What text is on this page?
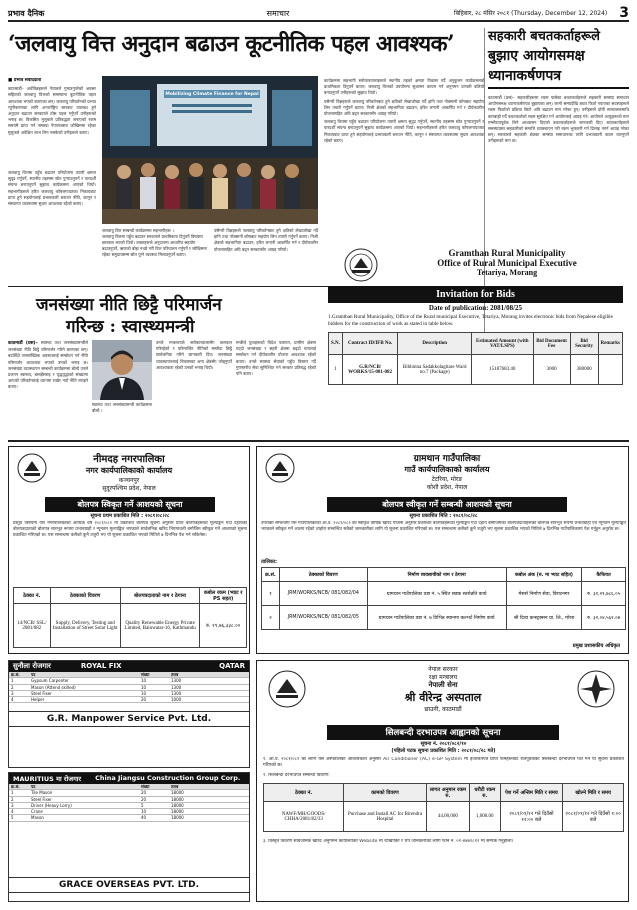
प्रभाव दैनिक	समाचार	बिहिबार, २८ मंसिर २०८१ (Thursday, December 12, 2024) 3
‘जलवायु वित्त अनुदान बढाउन कूटनीतिक पहल आवश्यक’
■ प्रभाव संवाददाता
काठमाडौं– अर्थविज्ञहरूले नेपालले गुमाउनुपरेको अवसर सहितको जलवायु वित्तको समस्यामा कूटनीतिक पहल आवश्यक भएको बताएका छन्। जलवायु परिवर्तनको प्रभाव न्यूनीकरणका लागि अन्तर्राष्ट्रिय स्तरबाट उपलब्ध हुने अनुदान बढाउन सरकारले ठोस पहल गर्नुपर्ने उनीहरूको भनाइ छ। विकसित मुलुकले प्रतिबद्धता जनाएको रकम समयमै प्राप्त गर्न नसक्दा नेपालजस्ता जोखिममा रहेका मुलुकले अपेक्षित लाभ लिन नसकेको उनीहरूले बताए।
जलवायु वित्तमा पहुँच बढाउन परियोजना तयारी क्षमता सुदृढ गर्नुपर्ने, स्थानीय तहसम्म स्रोत पुर्‍याउनुपर्ने र पारदर्शी संयन्त्र बनाउनुपर्ने सुझाव कार्यक्रममा आएको थियो। सहभागीहरूले हरित जलवायु कोषलगायतका निकायबाट प्राप्त हुने सहयोगलाई प्रभावकारी बनाउन नीति, कानून र संस्थागत व्यवस्थामा सुधार आवश्यक रहेको बताए।
Mobilizing Climate Finance for Nepal
जलवायु वित्त सम्बन्धी कार्यक्रममा सहभागीहरू ।
जलवायु वित्तमा पहुँच बढाउन सरकारले प्राथमिकता दिनुपर्ने विषयमा छलफल भएको थियो। वक्ताहरूले अनुदानमा आधारित सहयोग बढाउनुपर्ने, ऋणको बोझ नथप्ने गरी वित्त परिचालन गर्नुपर्ने र जोखिममा रहेका समुदायसम्म स्रोत पुग्ने व्यवस्था मिलाउनुपर्ने बताए।
यसैगरी विज्ञहरूले जलवायु परिवर्तनबाट हुने क्षतिको लेखाजोखा गर्दै हानि तथा नोक्सानी कोषबाट सहयोग लिन तयारी गर्नुपर्ने बताए। निजी क्षेत्रको सहभागिता बढाउन, हरित लगानी आकर्षित गर्न र दीर्घकालीन योजनासहित अघि बढ्न सरकारसँग आग्रह गरियो।
कार्यक्रममा सहभागी सरोकारवालाहरूले स्थानीय तहको क्षमता विकास गर्दै अनुकूलन कार्यक्रमलाई प्राथमिकता दिनुपर्ने बताए। जलवायु वित्तको उपयोगमा सुशासन कायम गर्न अनुगमन प्रणाली बलियो बनाउनुपर्ने उनीहरूको सुझाव थियो।
यसैगरी विज्ञहरूले जलवायु परिवर्तनबाट हुने क्षतिको लेखाजोखा गर्दै हानि तथा नोक्सानी कोषबाट सहयोग लिन तयारी गर्नुपर्ने बताए। निजी क्षेत्रको सहभागिता बढाउन, हरित लगानी आकर्षित गर्न र दीर्घकालीन योजनासहित अघि बढ्न सरकारसँग आग्रह गरियो।
जलवायु वित्तमा पहुँच बढाउन परियोजना तयारी क्षमता सुदृढ गर्नुपर्ने, स्थानीय तहसम्म स्रोत पुर्‍याउनुपर्ने र पारदर्शी संयन्त्र बनाउनुपर्ने सुझाव कार्यक्रममा आएको थियो। सहभागीहरूले हरित जलवायु कोषलगायतका निकायबाट प्राप्त हुने सहयोगलाई प्रभावकारी बनाउन नीति, कानून र संस्थागत व्यवस्थामा सुधार आवश्यक रहेको बताए।
सहकारी बचतकर्ताहरूले
बुझाए आयोगसमक्ष
ध्यानाकर्षणपत्र
काठमाडौं (प्रस)– सहकारीहरूमा रकम फसेका बचतकर्ताहरूले सहकारी समस्या समाधान आयोगसमक्ष ध्यानाकर्षणपत्र बुझाएका छन्। लामो समयदेखि बचत फिर्ता नपाएका सदस्यहरूले रकम फिर्ताको प्रक्रिया छिटो अघि बढाउन माग गरेका हुन्। उनीहरूले दोषी सञ्चालकमाथि कारबाही गर्दै बचतकर्ताको रकम सुरक्षित गर्न आयोगलाई आग्रह गरे। आयोगले आफूहरूको माग गम्भीरतापूर्वक लिने आश्वासन दिएको बचतकर्ताहरूले जानकारी दिए। बचतकर्ताहरूले समस्याग्रस्त सहकारीको सम्पत्ति व्यवस्थापन गरी रकम भुक्तानी गर्न ढिलाइ नगर्न आग्रह गरेका छन्। सरकारले सहकारी क्षेत्रका समस्या समाधानका लागि प्रभावकारी कदम चाल्नुपर्ने उनीहरूको माग छ।
जनसंख्या नीति छिट्टै परिमार्जन
गरिन्छ : स्वास्थ्यमन्त्री
काठमाडौं (प्रस)– स्वास्थ्य तथा जनसंख्यामन्त्रीले जनसंख्या नीति छिट्टै परिमार्जन गरिने बताएका छन्। बदलिँदो जनसांख्यिक अवस्थालाई सम्बोधन गर्न नीति परिमार्जन आवश्यक भएको उनको भनाइ छ। जनसंख्या व्यवस्थापन सम्बन्धी कार्यक्रममा बोल्दै उनले प्रजनन स्वास्थ्य, बसाइँसराइ र वृद्धवृद्धाको संख्यामा आएको परिवर्तनलाई ध्यानमा राखेर नयाँ नीति ल्याइने बताए।
स्वास्थ्य तथा जनसंख्यामन्त्री कार्यक्रममा बोल्दै ।
उनले मन्त्रालयले सरोकारवालासँग छलफल गरिरहेको र परिमार्जित नीतिको मस्यौदा छिट्टै सार्वजनिक गरिने जानकारी दिए। जनसंख्या व्यवस्थापनलाई विकासका अन्य क्षेत्रसँग जोड्नुपर्ने आवश्यकता रहेको उनको भनाइ थियो।
मन्त्रीले युवाहरूको विदेश पलायन, ग्रामीण क्षेत्रमा घट्दो जनसंख्या र सहरी क्षेत्रमा बढ्दो चापलाई सम्बोधन गर्न दीर्घकालीन योजना आवश्यक रहेको बताए। उनले स्वास्थ्य सेवाको पहुँच विस्तार गर्दै गुणस्तरीय सेवा सुनिश्चित गर्न सरकार प्रतिबद्ध रहेको पनि बताए।
Gramthan Rural Municipality
Office of Rural Municipal Executive
Tetariya, Morang
Invitation for Bids
Date of publication: 2081/08/25
1.Gramthan Rural Municipality, Office of the Rural municipal Executive, Tetariya, Morang invites electronic bids from Nepalese eligible bidders for the construction of work as stated in table below.
S.N.	Contract ID/IFB No.	Description	Estimated Amount (with VAT/LSPS)	Bid Document Fee	Bid Security	Remarks
1	G.R/NCB/ WORKS/15-081-082	Bibhinna Sadakkolagitare Ward no.7 (Package)	15187683.40	3000	380000	
नीमदह नगरपालिका
नगर कार्यपालिकाको कार्यालय
कञ्चनपुर
सुदूरपश्चिम प्रदेश, नेपाल
बोलपत्र स्विकृत गर्ने आशयको सूचना
सूचना प्रथम प्रकाशित मिति : २०८१।०८।२८
प्रस्तुत विषयमा यस नगरपालिकाको आर्थिक वर्ष २०८१/०८२ मा प्रकाशित बोलपत्र सूचना अनुसार प्राप्त बोलपत्रहरूको मूल्याङ्कन गर्दा देहायको बोलपत्रदाताको बोलपत्र सारभूत रूपमा प्रभावग्राही र न्यूनतम मूल्याङ्कित भएकाले सार्वजनिक खरिद नियमावली बमोजिम स्वीकृत गर्ने आशयको सूचना प्रकाशित गरिएको छ। यस सम्बन्धमा कसैको कुनै उजुरी भए यो सूचना प्रकाशित भएको मितिले ७ दिनभित्र पेश गर्न सकिनेछ।
ठेक्का नं.	ठेक्काको विवरण	बोलपत्रदाताको नाम र ठेगाना	कबोल रकम (भ्याट र PS सहत)
14/NCB/ SSL/ 2081/082	Supply, Delivery, Testing and Installation of Street Solar Light	Quality Renewable Energy Private Limited, Baluwatar-16, Kathmandu	रु. १९,७६,३३८.००
ग्रामथान गाउँपालिका
गाउँ कार्यपालिकाको कार्यालय
टेटरिया, मोरङ
कोशी प्रदेश, नेपाल
बोलपत्र स्वीकृत गर्ने सम्बन्धी आशयको सूचना
सूचना प्रकाशित मिति : २०८१/०८/२८
उपरोक्त सम्बन्धमा यस गाउँपालिकाको आ.व. २०८१/०८२ को स्वीकृत वार्षिक खरिद योजना अनुसार प्रकाशित बोलपत्रहरूको मूल्याङ्कन गर्दा देहाय बमोजिमका बोलपत्रदाताहरूको बोलपत्र सारभूत रूपमा प्रभावग्राही एवं न्यूनतम मूल्याङ्कित भएकाले स्वीकृत गर्ने आशय रहेको व्यहोरा सम्बन्धित सबैको जानकारीका लागि यो सूचना प्रकाशित गरिएको छ। यस सम्बन्धमा कसैको कुनै उजुरी भए सूचना प्रकाशित भएको मितिले ७ दिनभित्र गाउँपालिकामा पेश गर्नुहुन अनुरोध छ।
तालिका:
क्र.सं.	ठेक्काको विवरण	निर्माण व्यवसायीको नाम र ठेगाना	कबोल अंक (रु. मा भ्याट सहित)	कैफियत
१	JRM/WORKS/NCB/ 081/082/04	ग्रामथान गाउँपालिका वडा नं. ५ स्थित सडक स्तरोन्नति कार्य	मेसर्स निर्माण सेवा, विराटनगर	रु. ३१,२१,७८६.०५
२	JRM/WORKS/NCB/ 081/082/05	ग्रामथान गाउँपालिका वडा नं. ७ विभिन्न स्थानमा कल्भर्ट निर्माण कार्य	श्री दिव्य कन्स्ट्रक्सन प्रा. लि., मोरङ	रु. ३२,०४,५६२.०७
प्रमुख प्रशासकीय अधिकृत
सुनौला रोजगार	ROYAL FIX	QATAR
क्र.सं.	पद	संख्या	तलब
1	Gypsum Carpenter	10	1300
2	Mason (Attend skilled)	10	1300
3	Steel Fixer	10	1300
4	Helper	20	1000
G.R. Manpower Service Pvt. Ltd.
MAURITIUS मा रोजगार China Jiangsu Construction Group Corp.
क्र.सं.	पद	संख्या	तलब
1	Tile Mason	20	18000
2	Steel Fixer	20	18000
3	Driver (Heavy Lorry)	5	18000
4	Crane	10	18000
5	Mason	40	18000
GRACE OVERSEAS PVT. LTD.
नेपाल सरकार
रक्षा मन्त्रालय
नेपाली सेना
श्री वीरेन्द्र अस्पताल
छाउनी, काठमाडौं
सिलबन्दी दरभाउपत्र आह्वानको सूचना
सूचना नं. २०८१/०८२/१०
(पहिलो पटक सूचना प्रकाशित मिति : २०८१/०८/२८ गते)
१. आ.व. २०८१/०८२ का लागि यस अस्पतालको आवश्यकता अनुसार Air Conditioner (AC) e-GP System मा इजाजतपत्र प्राप्त फर्महरूबाट रीतपूर्वकको सिलबन्दी दरभाउपत्र पेश गर्न यो सूचना प्रकाशित गरिएको छ।
२. सिलबन्दी दरभाउपत्र सम्बन्धी विवरण:
ठेक्का नं.	कामको विवरण	लागत अनुमान रकम रु.	धरौटी रकम रु.	पेश गर्ने अन्तिम मिति र समय	खोल्ने मिति र समय
NAWF/MH/GOODS/ CHHA/2081/82/33	Purchase and Install AC for Birendra Hospital	44,00,000	1,000.00	२०८१/०९/१२ गते दिउँसो १२:०० बजे	२०८१/०९/१२ गते दिउँसो १:०० बजे
३. विस्तृत विवरण सार्वजनिक खरिद अनुगमन कार्यालयको Website मा राखिएको र थप जानकारीको लागि फोन नं. ०१-४४७९८१२ मा सम्पर्क गर्नुहोला।
